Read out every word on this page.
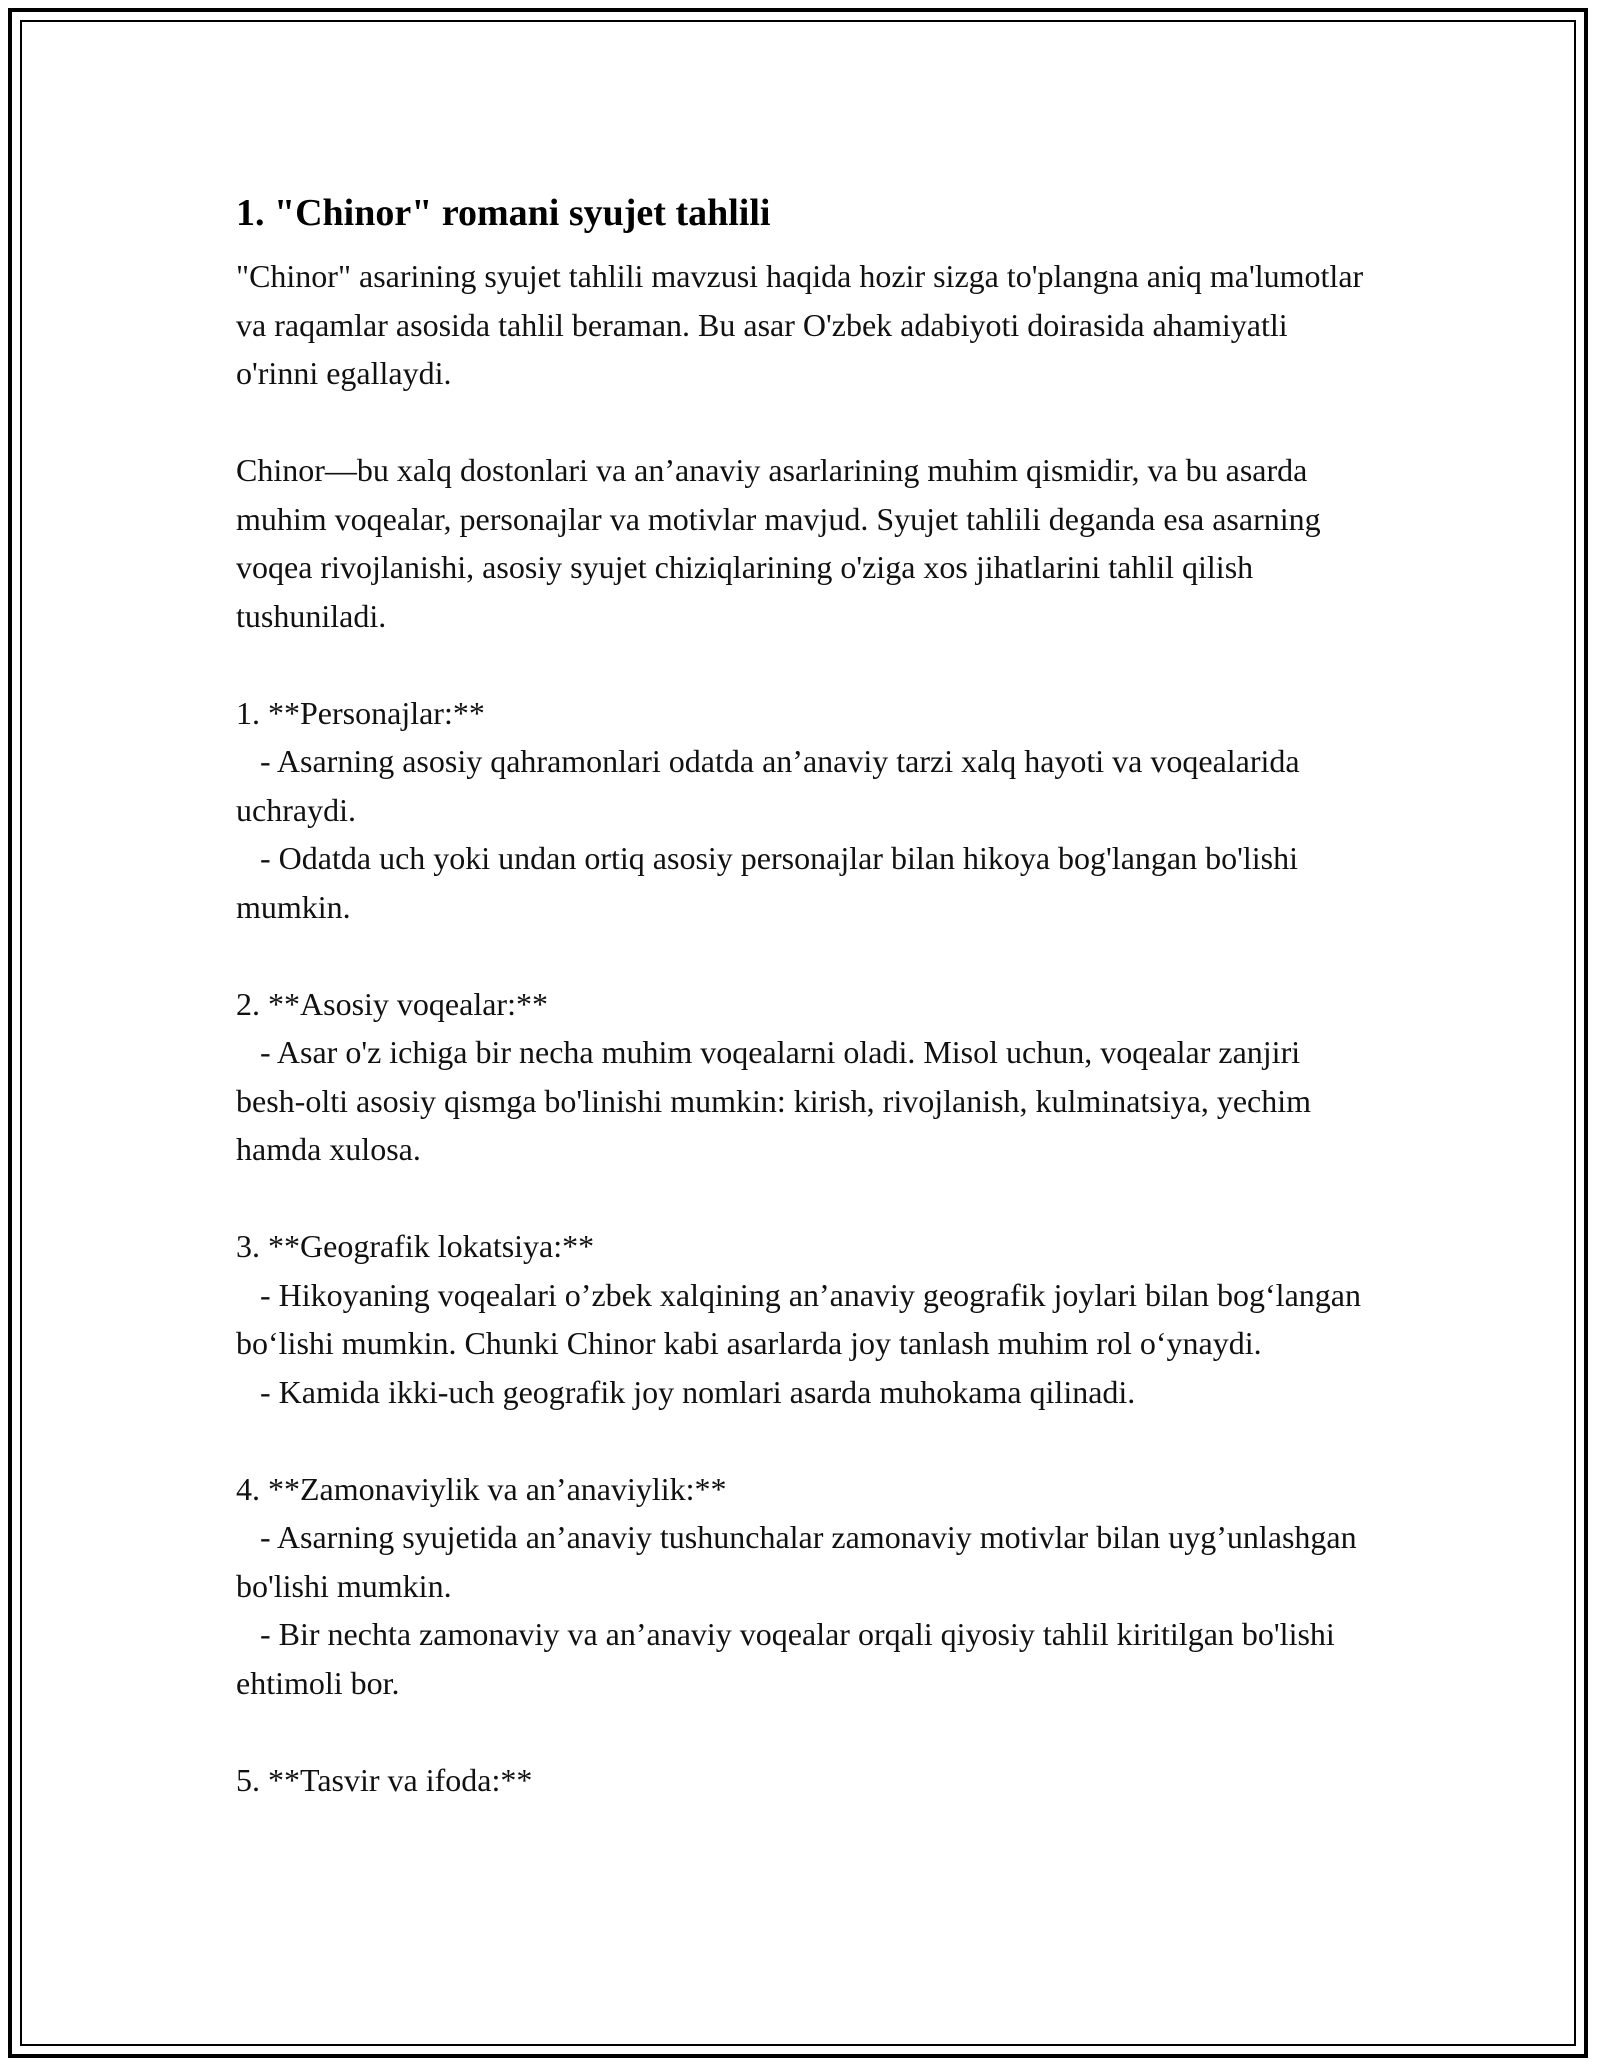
1. "Chinor" romani syujet tahlili

"Chinor" asarining syujet tahlili mavzusi haqida hozir sizga to'plangna aniq ma'lumotlar va raqamlar asosida tahlil beraman. Bu asar O'zbek adabiyoti doirasida ahamiyatli o'rinni egallaydi.

Chinor—bu xalq dostonlari va an’anaviy asarlarining muhim qismidir, va bu asarda muhim voqealar, personajlar va motivlar mavjud. Syujet tahlili deganda esa asarning voqea rivojlanishi, asosiy syujet chiziqlarining o'ziga xos jihatlarini tahlil qilish tushuniladi.

1. **Personajlar:**

- Asarning asosiy qahramonlari odatda an’anaviy tarzi xalq hayoti va voqealarida uchraydi.

- Odatda uch yoki undan ortiq asosiy personajlar bilan hikoya bog'langan bo'lishi mumkin.

2. **Asosiy voqealar:**

- Asar o'z ichiga bir necha muhim voqealarni oladi. Misol uchun, voqealar zanjiri besh-olti asosiy qismga bo'linishi mumkin: kirish, rivojlanish, kulminatsiya, yechim hamda xulosa.

3. **Geografik lokatsiya:**

- Hikoyaning voqealari o’zbek xalqining an’anaviy geografik joylari bilan bog‘langan bo‘lishi mumkin. Chunki Chinor kabi asarlarda joy tanlash muhim rol o‘ynaydi.

- Kamida ikki-uch geografik joy nomlari asarda muhokama qilinadi.

4. **Zamonaviylik va an’anaviylik:**

- Asarning syujetida an’anaviy tushunchalar zamonaviy motivlar bilan uyg’unlashgan bo'lishi mumkin.

- Bir nechta zamonaviy va an’anaviy voqealar orqali qiyosiy tahlil kiritilgan bo'lishi ehtimoli bor.

5. **Tasvir va ifoda:**
